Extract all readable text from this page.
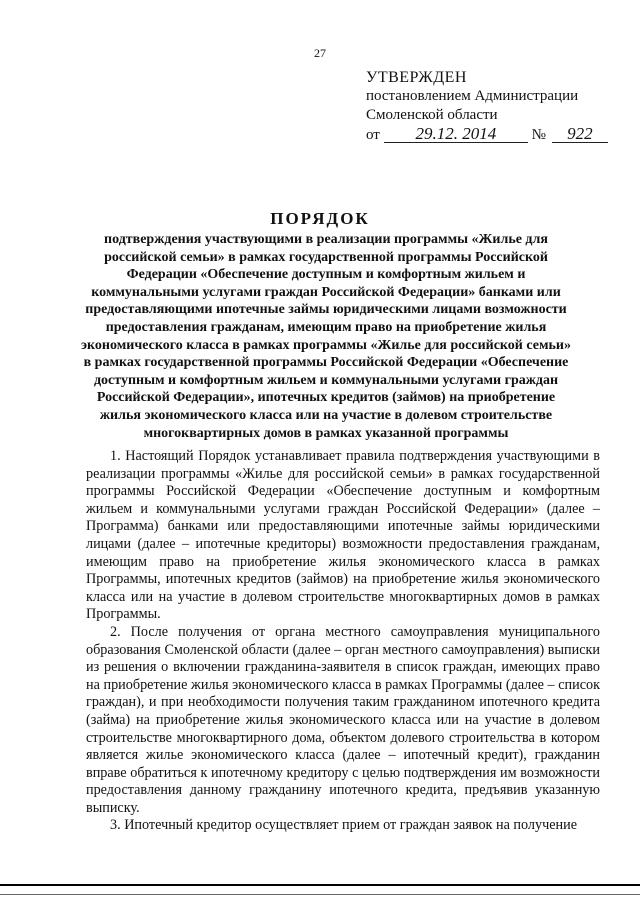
27
УТВЕРЖДЕН
постановлением Администрации
Смоленской области
от 29.12. 2014 № 922
ПОРЯДОК
подтверждения участвующими в реализации программы «Жилье для российской семьи» в рамках государственной программы Российской Федерации «Обеспечение доступным и комфортным жильем и коммунальными услугами граждан Российской Федерации» банками или предоставляющими ипотечные займы юридическими лицами возможности предоставления гражданам, имеющим право на приобретение жилья экономического класса в рамках программы «Жилье для российской семьи» в рамках государственной программы Российской Федерации «Обеспечение доступным и комфортным жильем и коммунальными услугами граждан Российской Федерации», ипотечных кредитов (займов) на приобретение жилья экономического класса или на участие в долевом строительстве многоквартирных домов в рамках указанной программы

1. Настоящий Порядок устанавливает правила подтверждения участвующими в реализации программы «Жилье для российской семьи» в рамках государственной программы Российской Федерации «Обеспечение доступным и комфортным жильем и коммунальными услугами граждан Российской Федерации» (далее – Программа) банками или предоставляющими ипотечные займы юридическими лицами (далее – ипотечные кредиторы) возможности предоставления гражданам, имеющим право на приобретение жилья экономического класса в рамках Программы, ипотечных кредитов (займов) на приобретение жилья экономического класса или на участие в долевом строительстве многоквартирных домов в рамках Программы.

2. После получения от органа местного самоуправления муниципального образования Смоленской области (далее – орган местного самоуправления) выписки из решения о включении гражданина-заявителя в список граждан, имеющих право на приобретение жилья экономического класса в рамках Программы (далее – список граждан), и при необходимости получения таким гражданином ипотечного кредита (займа) на приобретение жилья экономического класса или на участие в долевом строительстве многоквартирного дома, объектом долевого строительства в котором является жилье экономического класса (далее – ипотечный кредит), гражданин вправе обратиться к ипотечному кредитору с целью подтверждения им возможности предоставления данному гражданину ипотечного кредита, предъявив указанную выписку.

3. Ипотечный кредитор осуществляет прием от граждан заявок на получение
